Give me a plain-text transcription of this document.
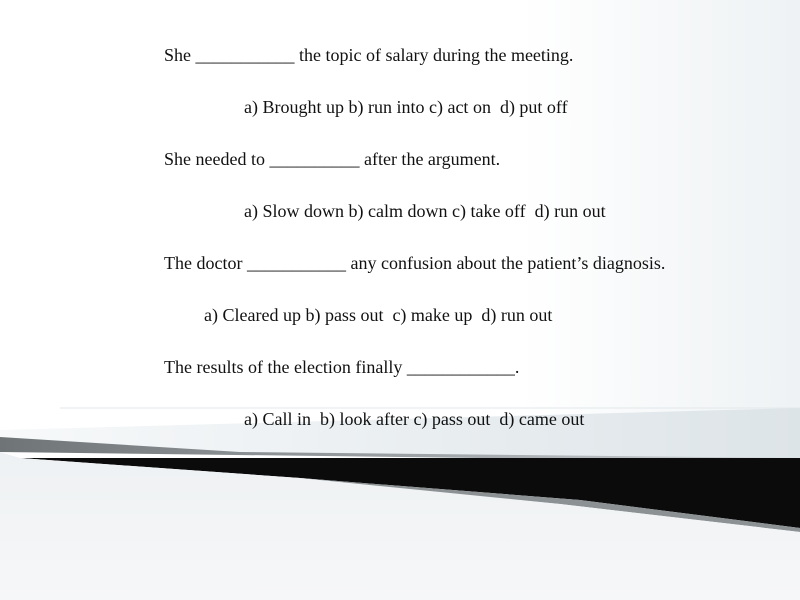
She ___________ the topic of salary during the meeting.
a) Brought up b) run into c) act on  d) put off
She needed to __________ after the argument.
a) Slow down b) calm down c) take off  d) run out
The doctor ___________ any confusion about the patient’s diagnosis.
a) Cleared up b) pass out  c) make up  d) run out
The results of the election finally ____________.
a) Call in  b) look after c) pass out  d) came out
